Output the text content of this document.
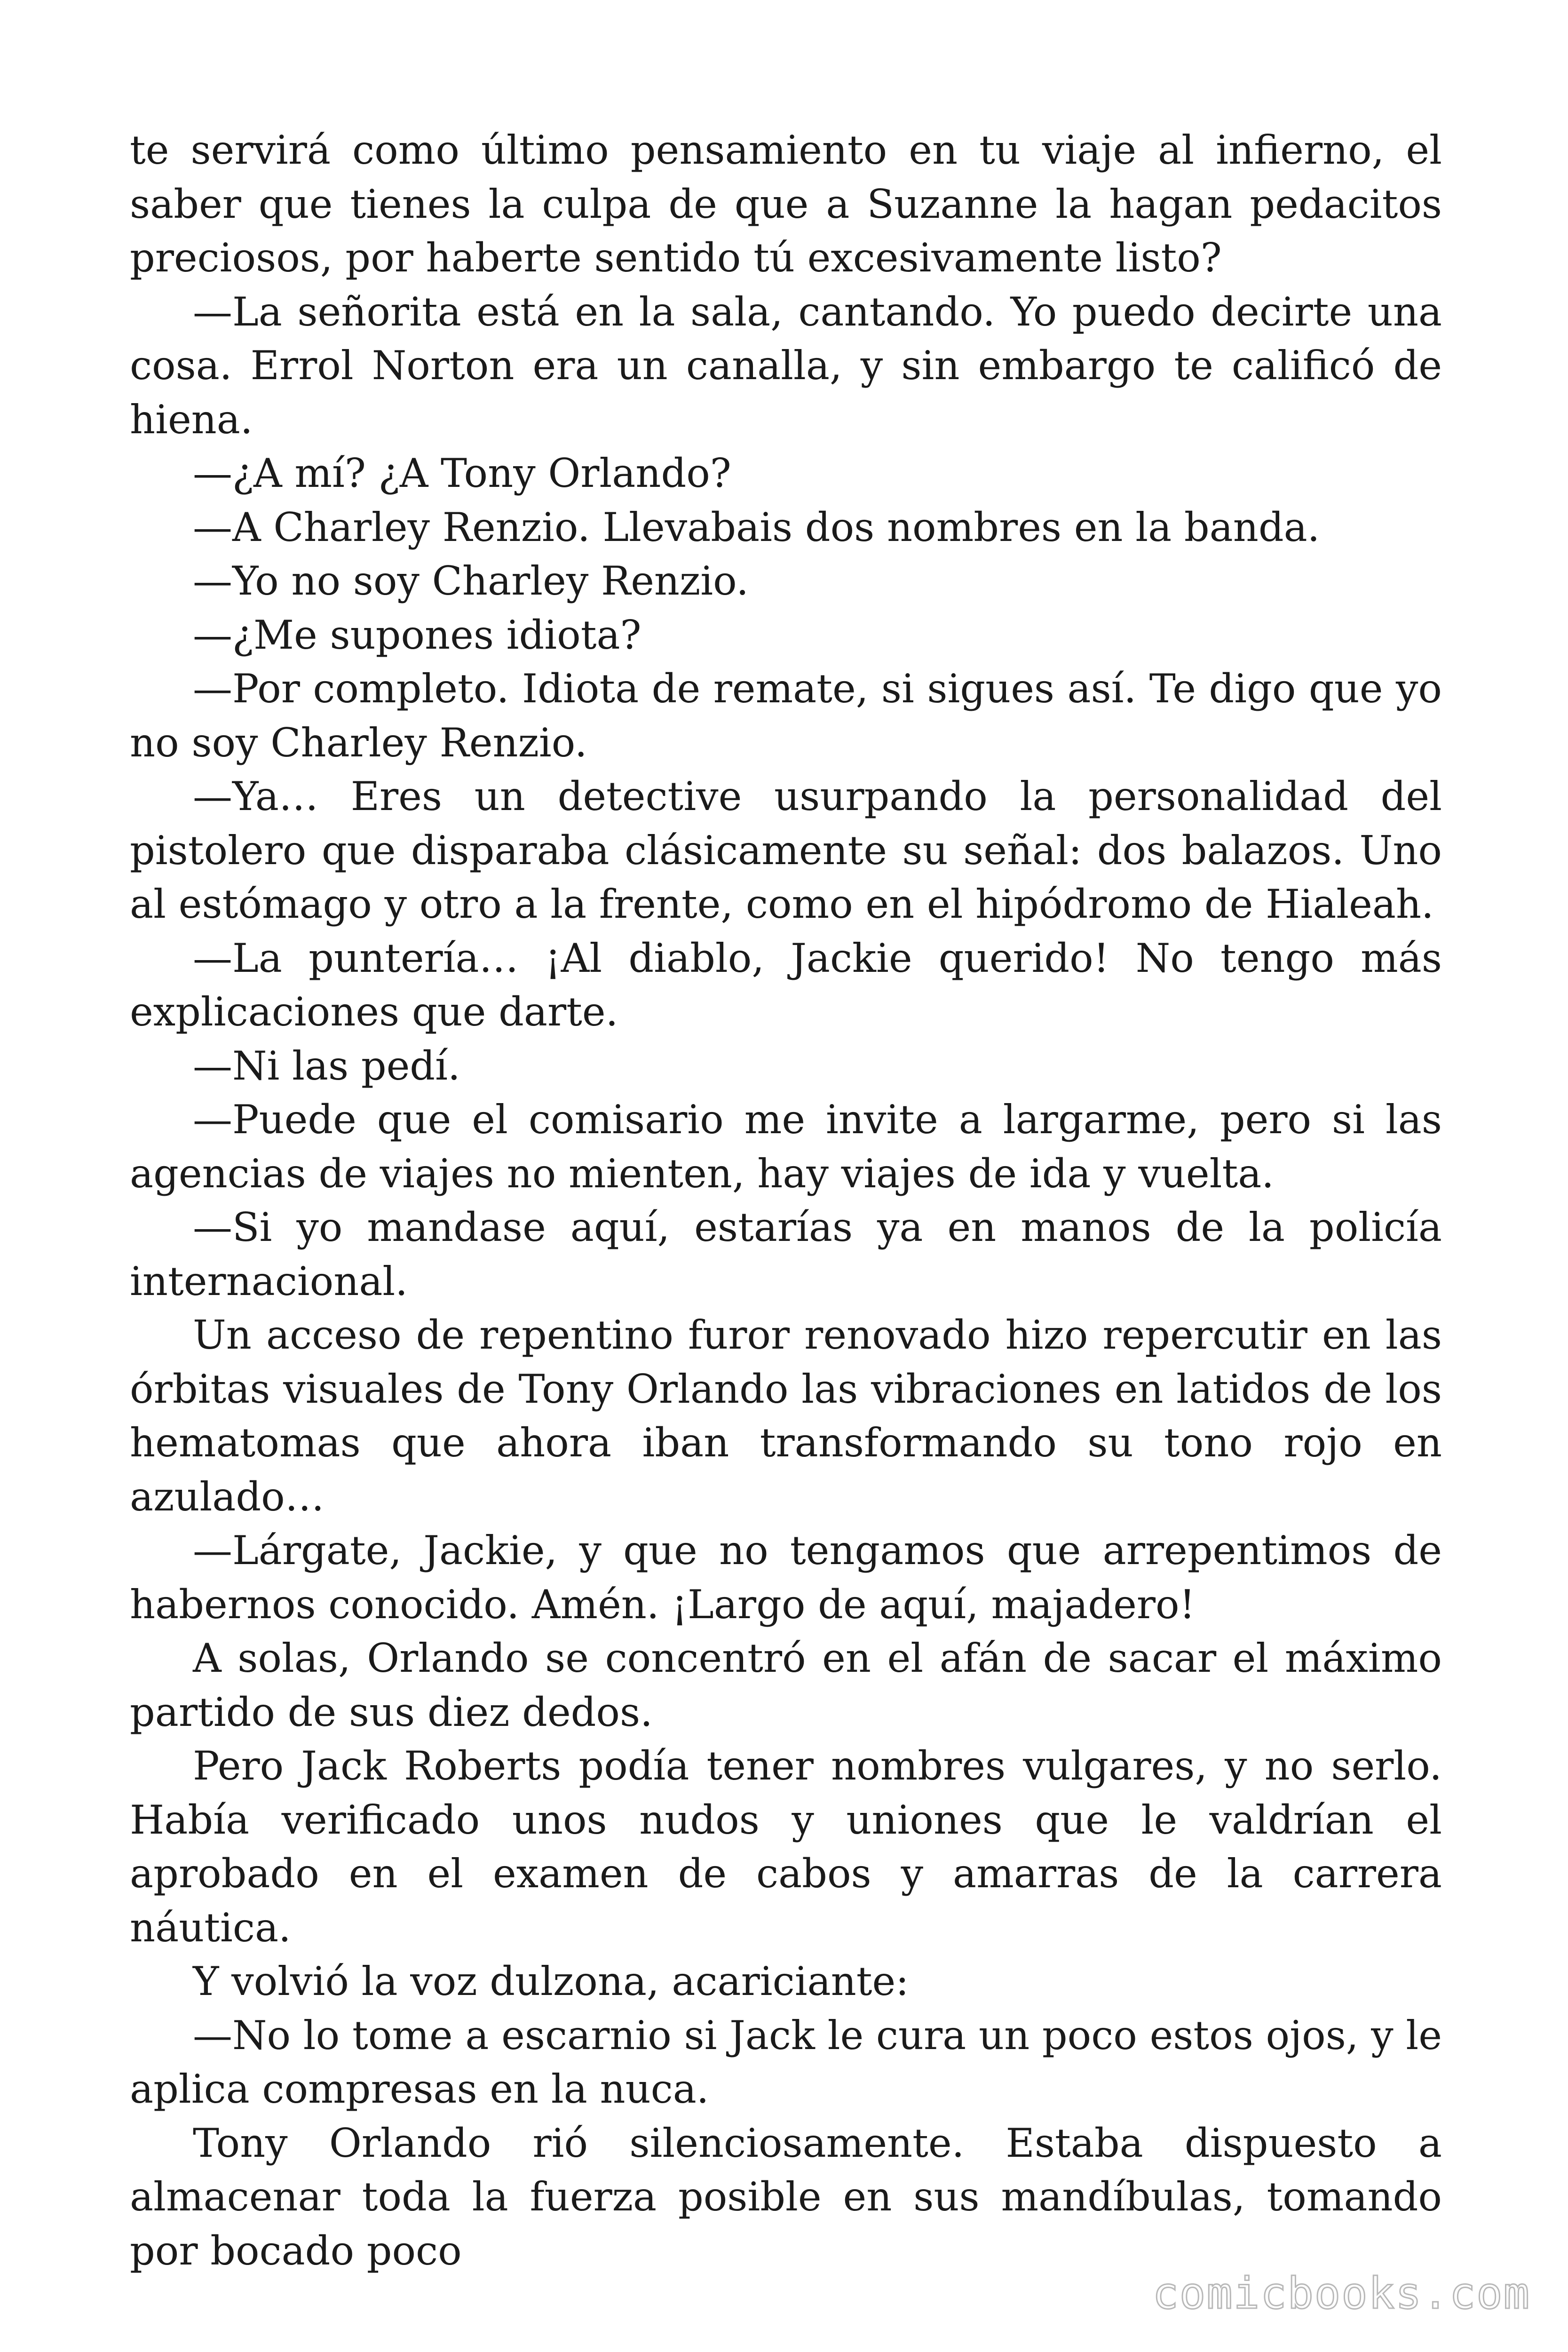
te servirá como último pensamiento en tu viaje al infierno, el saber que tienes la culpa de que a Suzanne la hagan pedacitos preciosos, por haberte sentido tú excesivamente listo?

—La señorita está en la sala, cantando. Yo puedo decirte una cosa. Errol Norton era un canalla, y sin embargo te calificó de hiena.

—¿A mí? ¿A Tony Orlando?

—A Charley Renzio. Llevabais dos nombres en la banda.

—Yo no soy Charley Renzio.

—¿Me supones idiota?

—Por completo. Idiota de remate, si sigues así. Te digo que yo no soy Charley Renzio.

—Ya… Eres un detective usurpando la personalidad del pistolero que disparaba clásicamente su señal: dos balazos. Uno al estómago y otro a la frente, como en el hipódromo de Hialeah.

—La puntería… ¡Al diablo, Jackie querido! No tengo más explicaciones que darte.

—Ni las pedí.

—Puede que el comisario me invite a largarme, pero si las agencias de viajes no mienten, hay viajes de ida y vuelta.

—Si yo mandase aquí, estarías ya en manos de la policía internacional.

Un acceso de repentino furor renovado hizo repercutir en las órbitas visuales de Tony Orlando las vibraciones en latidos de los hematomas que ahora iban transformando su tono rojo en azulado…

—Lárgate, Jackie, y que no tengamos que arrepentimos de habernos conocido. Amén. ¡Largo de aquí, majadero!

A solas, Orlando se concentró en el afán de sacar el máximo partido de sus diez dedos.

Pero Jack Roberts podía tener nombres vulgares, y no serlo. Había verificado unos nudos y uniones que le valdrían el aprobado en el examen de cabos y amarras de la carrera náutica.

Y volvió la voz dulzona, acariciante:

—No lo tome a escarnio si Jack le cura un poco estos ojos, y le aplica compresas en la nuca.

Tony Orlando rió silenciosamente. Estaba dispuesto a almacenar toda la fuerza posible en sus mandíbulas, tomando por bocado poco

comicbooks.com
